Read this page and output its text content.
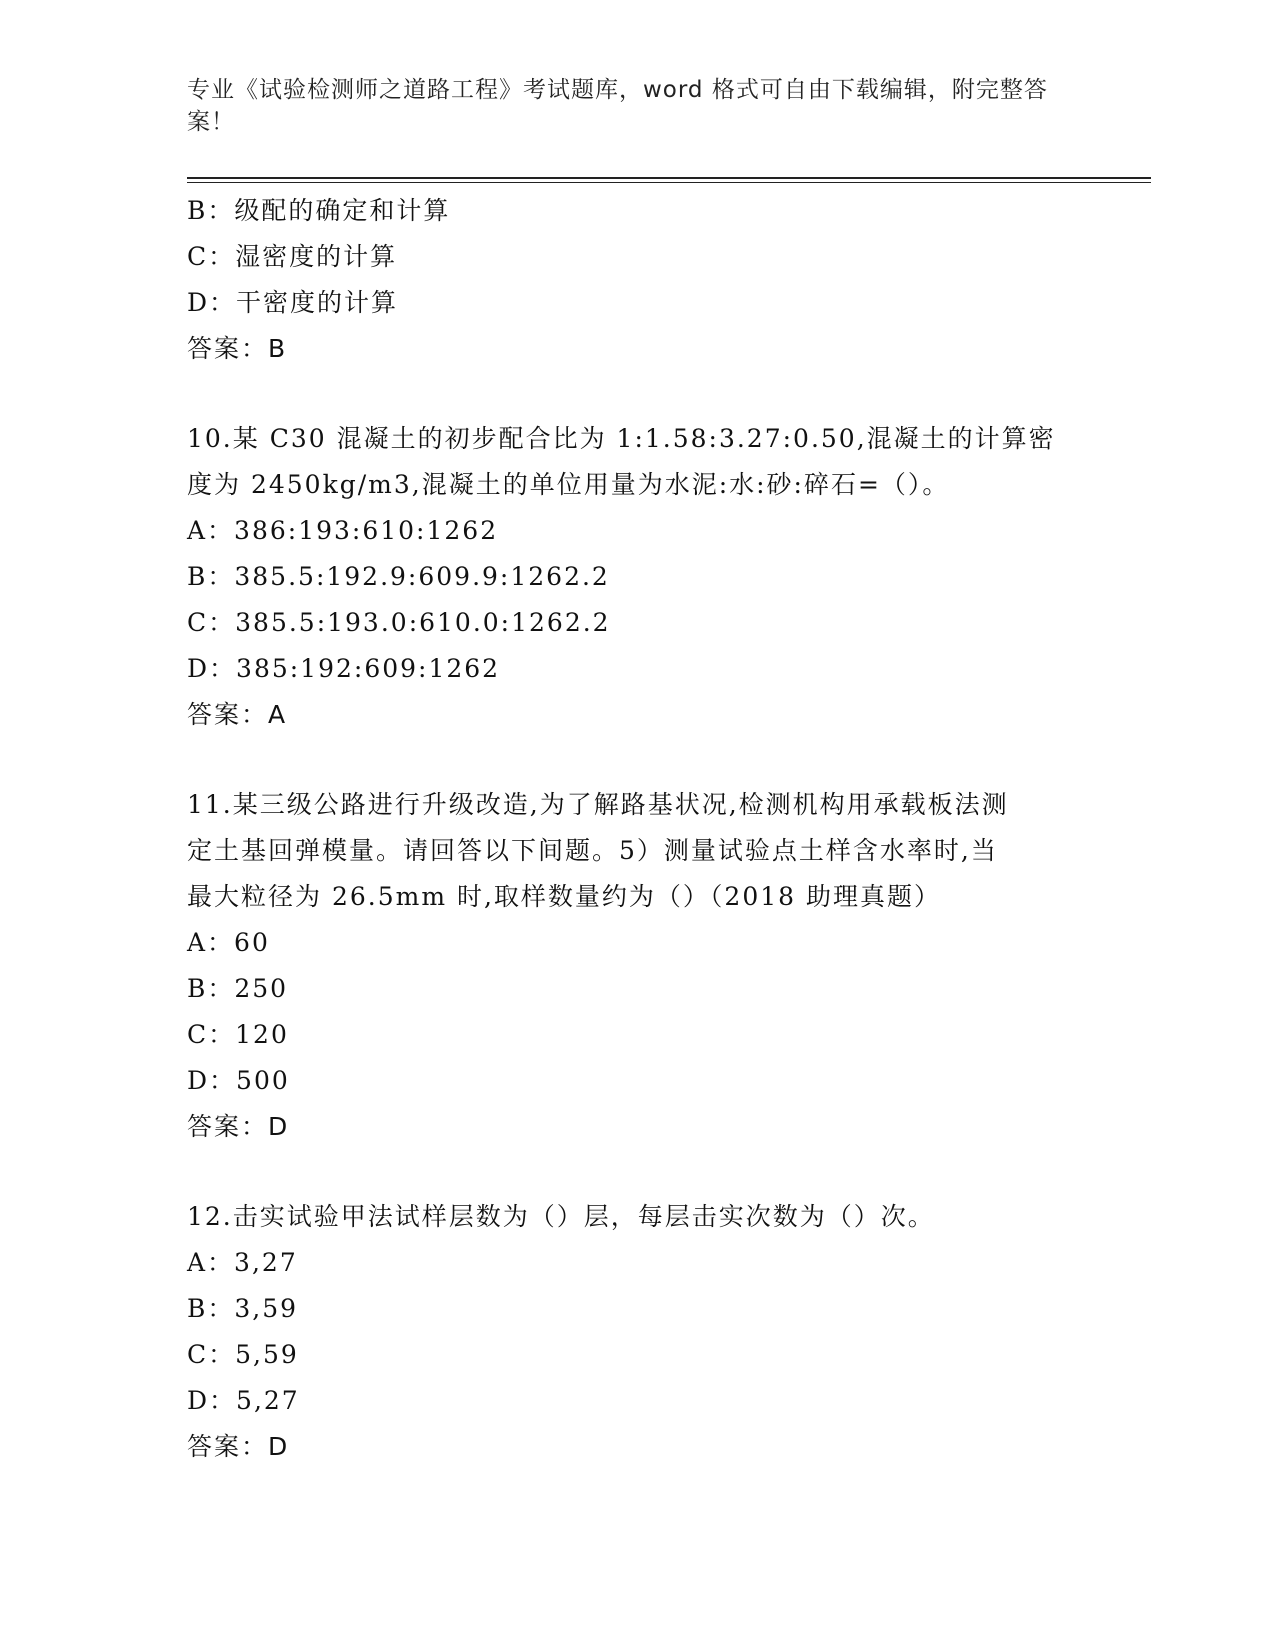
专业《试验检测师之道路工程》考试题库，word 格式可自由下载编辑，附完整答
案！
B：级配的确定和计算
C：湿密度的计算
D：干密度的计算
答案：B
10.某 C30 混凝土的初步配合比为 1:1.58:3.27:0.50,混凝土的计算密
度为 2450kg/m3,混凝土的单位用量为水泥:水:砂:碎石=（）。
A：386:193:610:1262
B：385.5:192.9:609.9:1262.2
C：385.5:193.0:610.0:1262.2
D：385:192:609:1262
答案：A
11.某三级公路进行升级改造,为了解路基状况,检测机构用承载板法测
定土基回弹模量。请回答以下间题。5）测量试验点土样含水率时,当
最大粒径为 26.5mm 时,取样数量约为（）（2018 助理真题）
A：60
B：250
C：120
D：500
答案：D
12.击实试验甲法试样层数为（）层，每层击实次数为（）次。
A：3,27
B：3,59
C：5,59
D：5,27
答案：D
